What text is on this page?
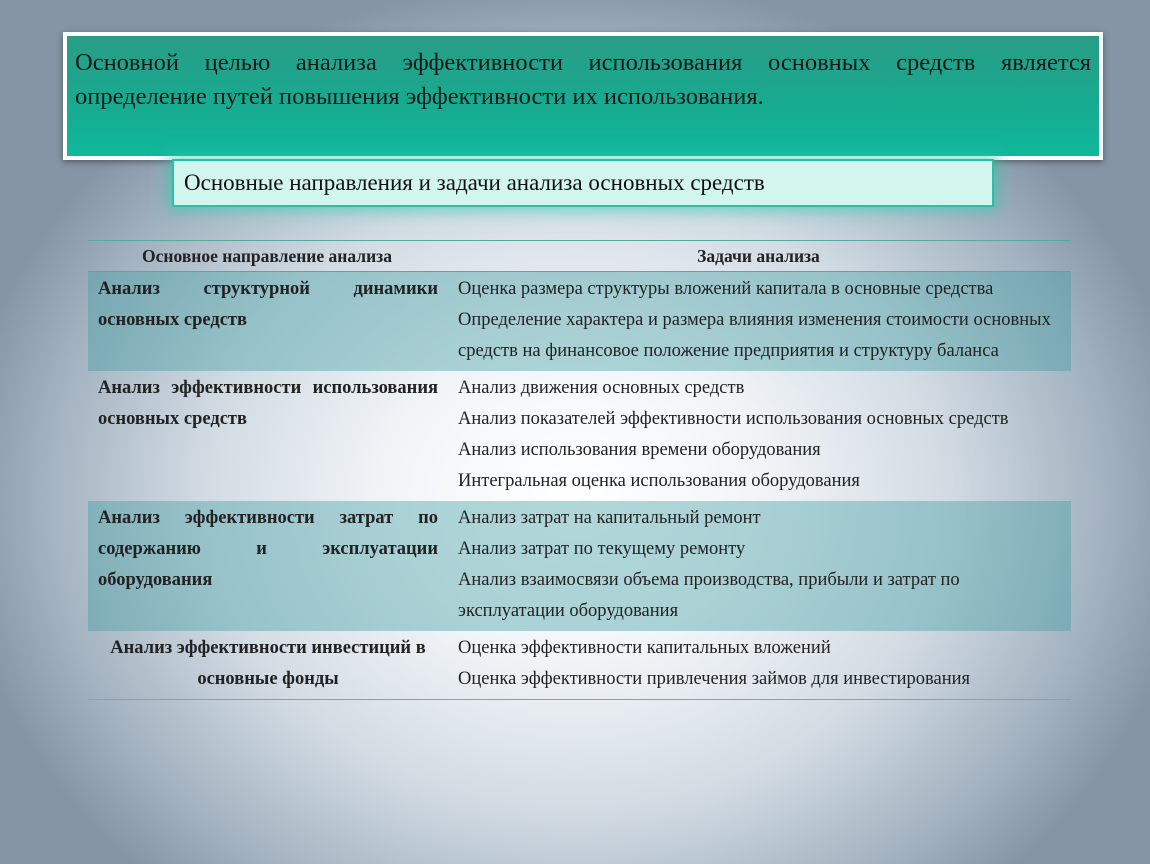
Основной целью анализа эффективности использования основных средств является определение путей повышения эффективности их использования.

Основные направления и задачи анализа основных средств

Основное направление анализа	Задачи анализа
Анализ структурной динамики основных средств	Оценка размера структуры вложений капитала в основные средства
Определение характера и размера влияния изменения стоимости основных средств на финансовое положение предприятия и структуру баланса

Анализ эффективности использования основных средств	Анализ движения основных средств
Анализ показателей эффективности использования основных средств
Анализ использования времени оборудования
Интегральная оценка использования оборудования

Анализ эффективности затрат по содержанию и эксплуатации оборудования	Анализ затрат на капитальный ремонт
Анализ затрат по текущему ремонту
Анализ взаимосвязи объема производства, прибыли и затрат по эксплуатации оборудования

Анализ эффективности инвестиций в основные фонды	Оценка эффективности капитальных вложений
Оценка эффективности привлечения займов для инвестирования
